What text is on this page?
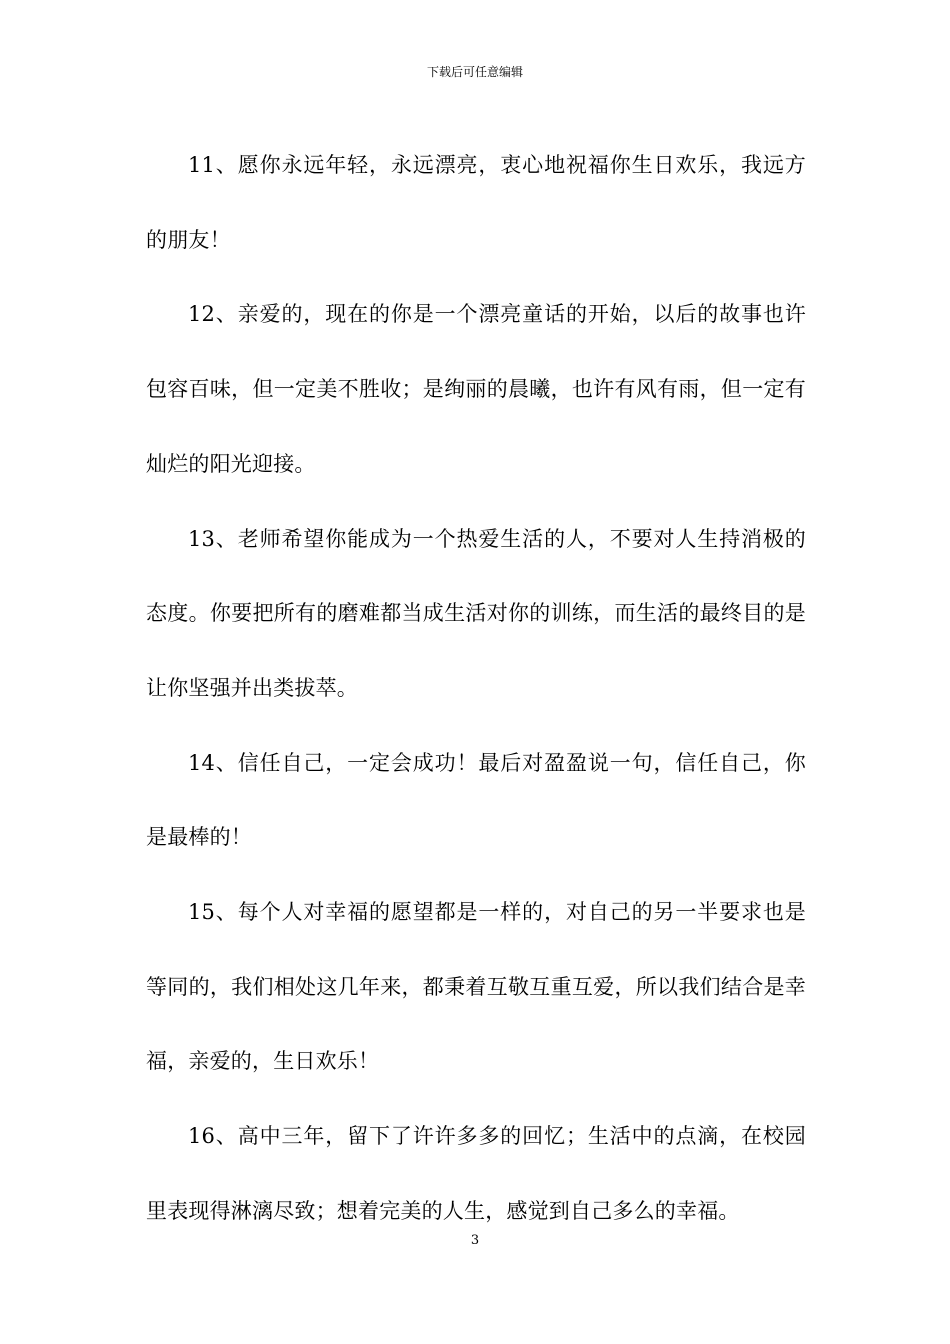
下载后可任意编辑

11、愿你永远年轻，永远漂亮，衷心地祝福你生日欢乐，我远方的朋友！

12、亲爱的，现在的你是一个漂亮童话的开始，以后的故事也许包容百味，但一定美不胜收；是绚丽的晨曦，也许有风有雨，但一定有灿烂的阳光迎接。

13、老师希望你能成为一个热爱生活的人，不要对人生持消极的态度。你要把所有的磨难都当成生活对你的训练，而生活的最终目的是让你坚强并出类拔萃。

14、信任自己，一定会成功！最后对盈盈说一句，信任自己，你是最棒的！

15、每个人对幸福的愿望都是一样的，对自己的另一半要求也是等同的，我们相处这几年来，都秉着互敬互重互爱，所以我们结合是幸福，亲爱的，生日欢乐！

16、高中三年，留下了许许多多的回忆；生活中的点滴，在校园里表现得淋漓尽致；想着完美的人生，感觉到自己多么的幸福。

3
